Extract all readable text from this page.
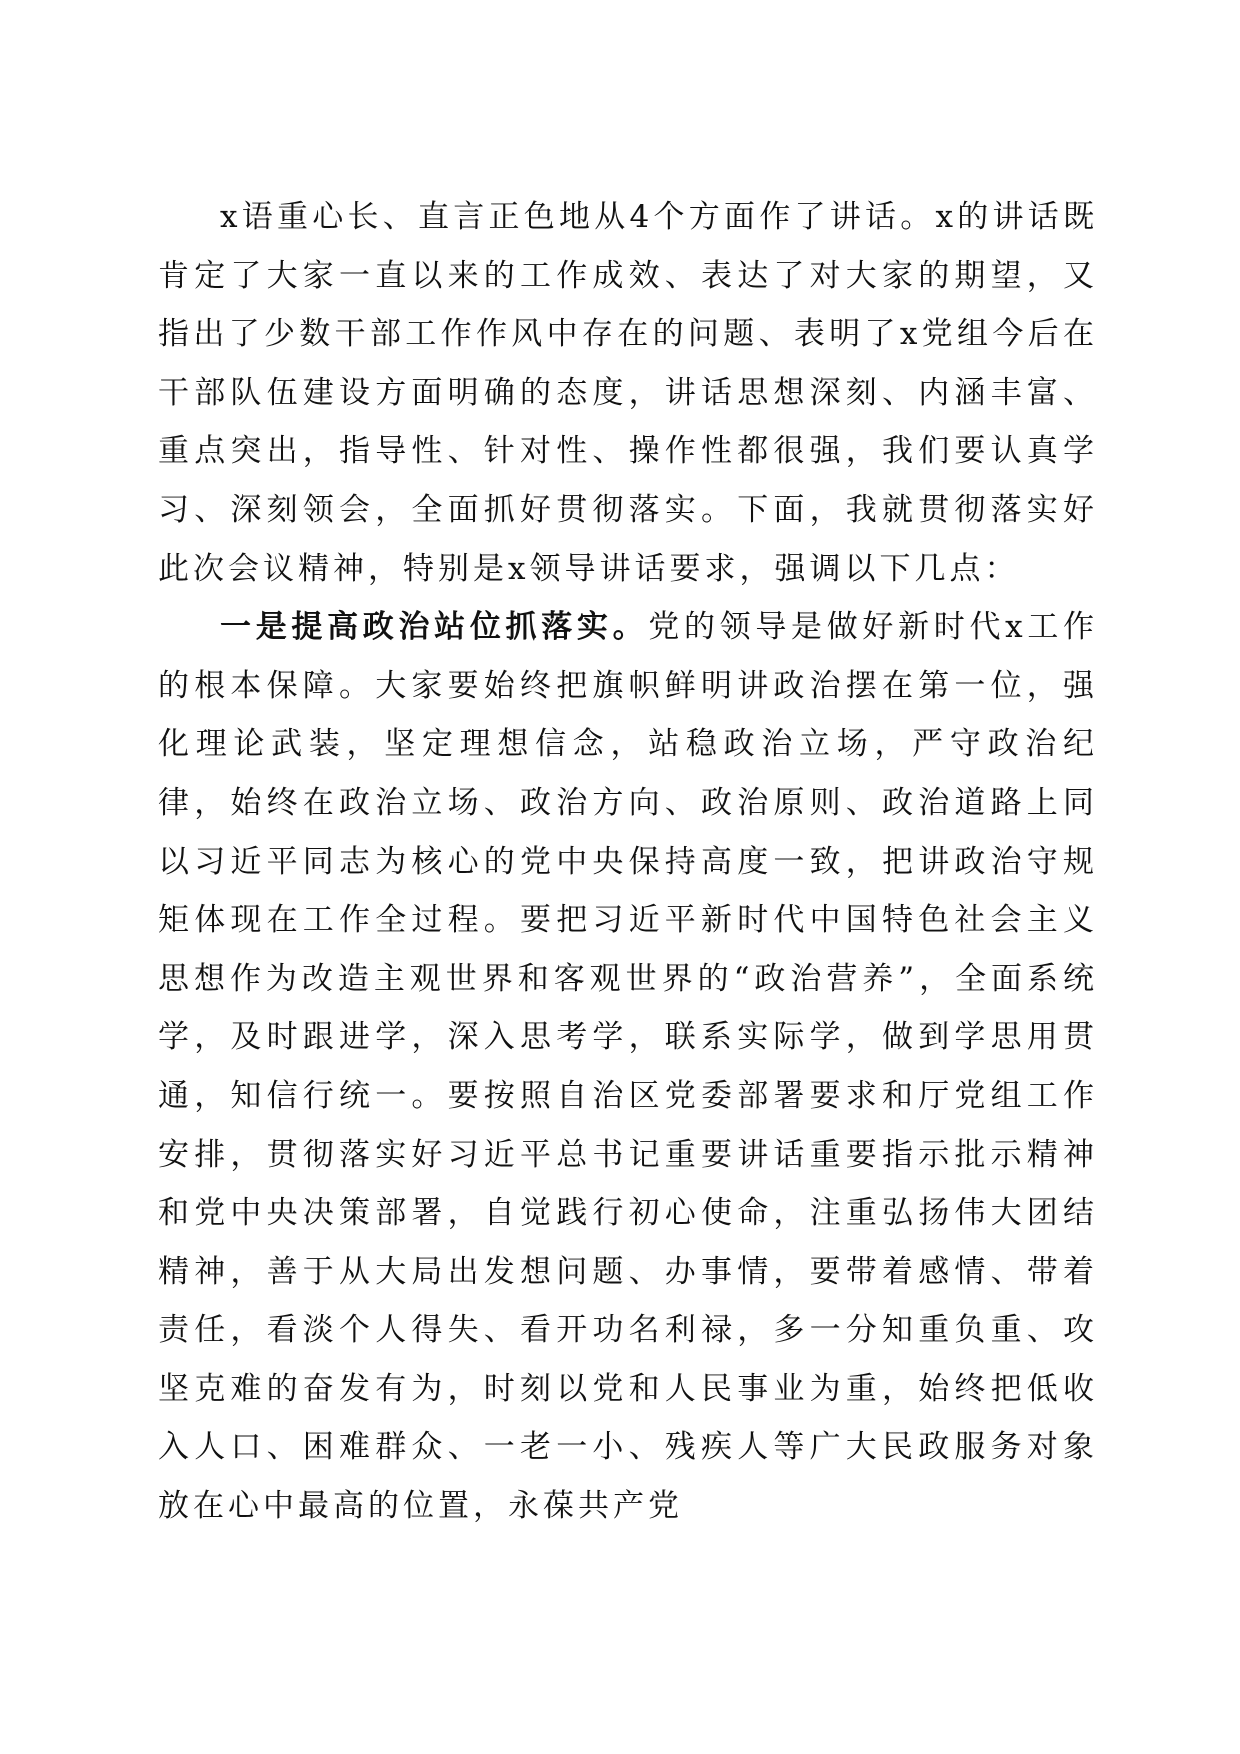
x语重心长、直言正色地从4个方面作了讲话。x的讲话既肯定了大家一直以来的工作成效、表达了对大家的期望，又指出了少数干部工作作风中存在的问题、表明了x党组今后在干部队伍建设方面明确的态度，讲话思想深刻、内涵丰富、重点突出，指导性、针对性、操作性都很强，我们要认真学习、深刻领会，全面抓好贯彻落实。下面，我就贯彻落实好此次会议精神，特别是x领导讲话要求，强调以下几点：

一是提高政治站位抓落实。党的领导是做好新时代x工作的根本保障。大家要始终把旗帜鲜明讲政治摆在第一位，强化理论武装，坚定理想信念，站稳政治立场，严守政治纪律，始终在政治立场、政治方向、政治原则、政治道路上同以习近平同志为核心的党中央保持高度一致，把讲政治守规矩体现在工作全过程。要把习近平新时代中国特色社会主义思想作为改造主观世界和客观世界的“政治营养”，全面系统学，及时跟进学，深入思考学，联系实际学，做到学思用贯通，知信行统一。要按照自治区党委部署要求和厅党组工作安排，贯彻落实好习近平总书记重要讲话重要指示批示精神和党中央决策部署，自觉践行初心使命，注重弘扬伟大团结精神，善于从大局出发想问题、办事情，要带着感情、带着责任，看淡个人得失、看开功名利禄，多一分知重负重、攻坚克难的奋发有为，时刻以党和人民事业为重，始终把低收入人口、困难群众、一老一小、残疾人等广大民政服务对象放在心中最高的位置，永葆共产党
